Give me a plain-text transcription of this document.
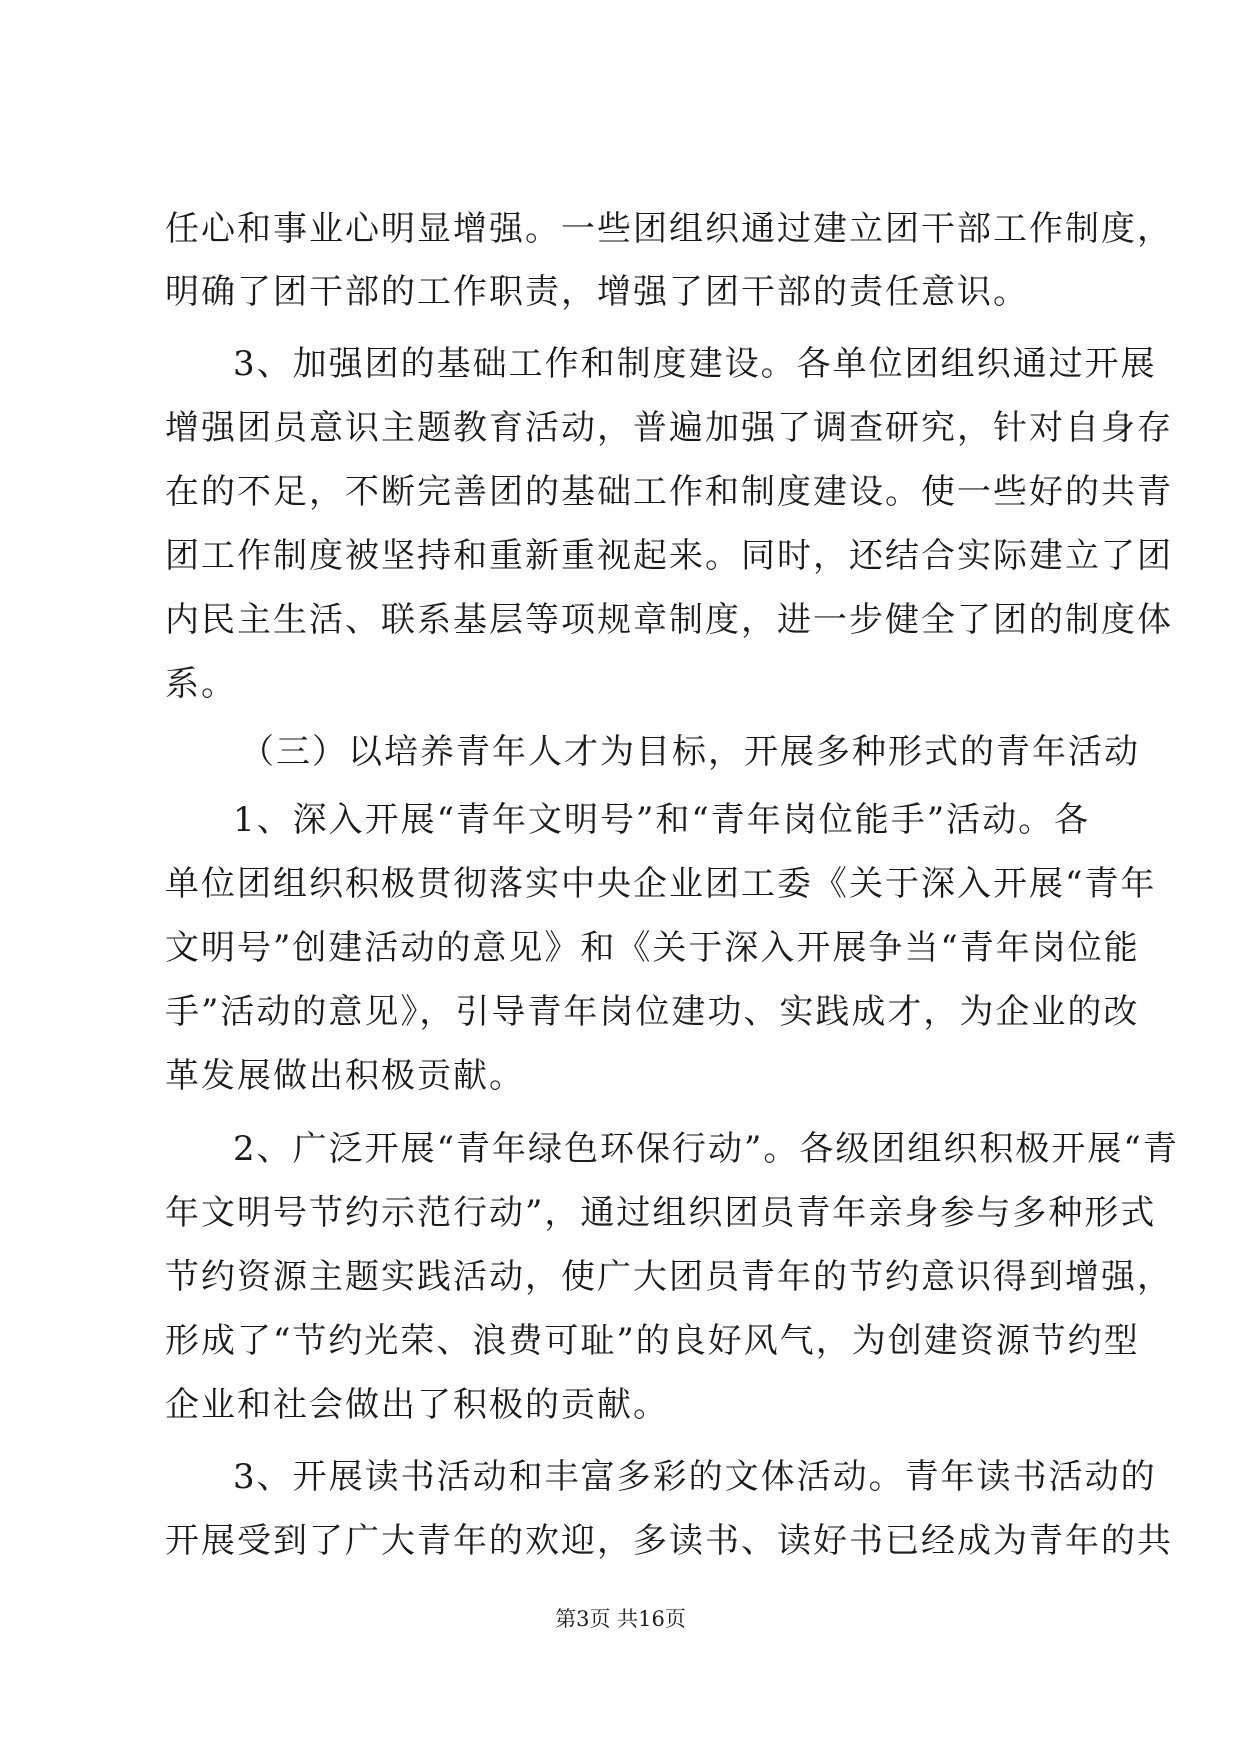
任心和事业心明显增强。一些团组织通过建立团干部工作制度，
明确了团干部的工作职责，增强了团干部的责任意识。
3、加强团的基础工作和制度建设。各单位团组织通过开展
增强团员意识主题教育活动，普遍加强了调查研究，针对自身存
在的不足，不断完善团的基础工作和制度建设。使一些好的共青
团工作制度被坚持和重新重视起来。同时，还结合实际建立了团
内民主生活、联系基层等项规章制度，进一步健全了团的制度体
系。
（三）以培养青年人才为目标，开展多种形式的青年活动
1、深入开展“青年文明号”和“青年岗位能手”活动。各
单位团组织积极贯彻落实中央企业团工委《关于深入开展“青年
文明号”创建活动的意见》和《关于深入开展争当“青年岗位能
手”活动的意见》，引导青年岗位建功、实践成才，为企业的改
革发展做出积极贡献。
2、广泛开展“青年绿色环保行动”。各级团组织积极开展“青
年文明号节约示范行动”，通过组织团员青年亲身参与多种形式
节约资源主题实践活动，使广大团员青年的节约意识得到增强，
形成了“节约光荣、浪费可耻”的良好风气，为创建资源节约型
企业和社会做出了积极的贡献。
3、开展读书活动和丰富多彩的文体活动。青年读书活动的
开展受到了广大青年的欢迎，多读书、读好书已经成为青年的共
第3页 共16页
